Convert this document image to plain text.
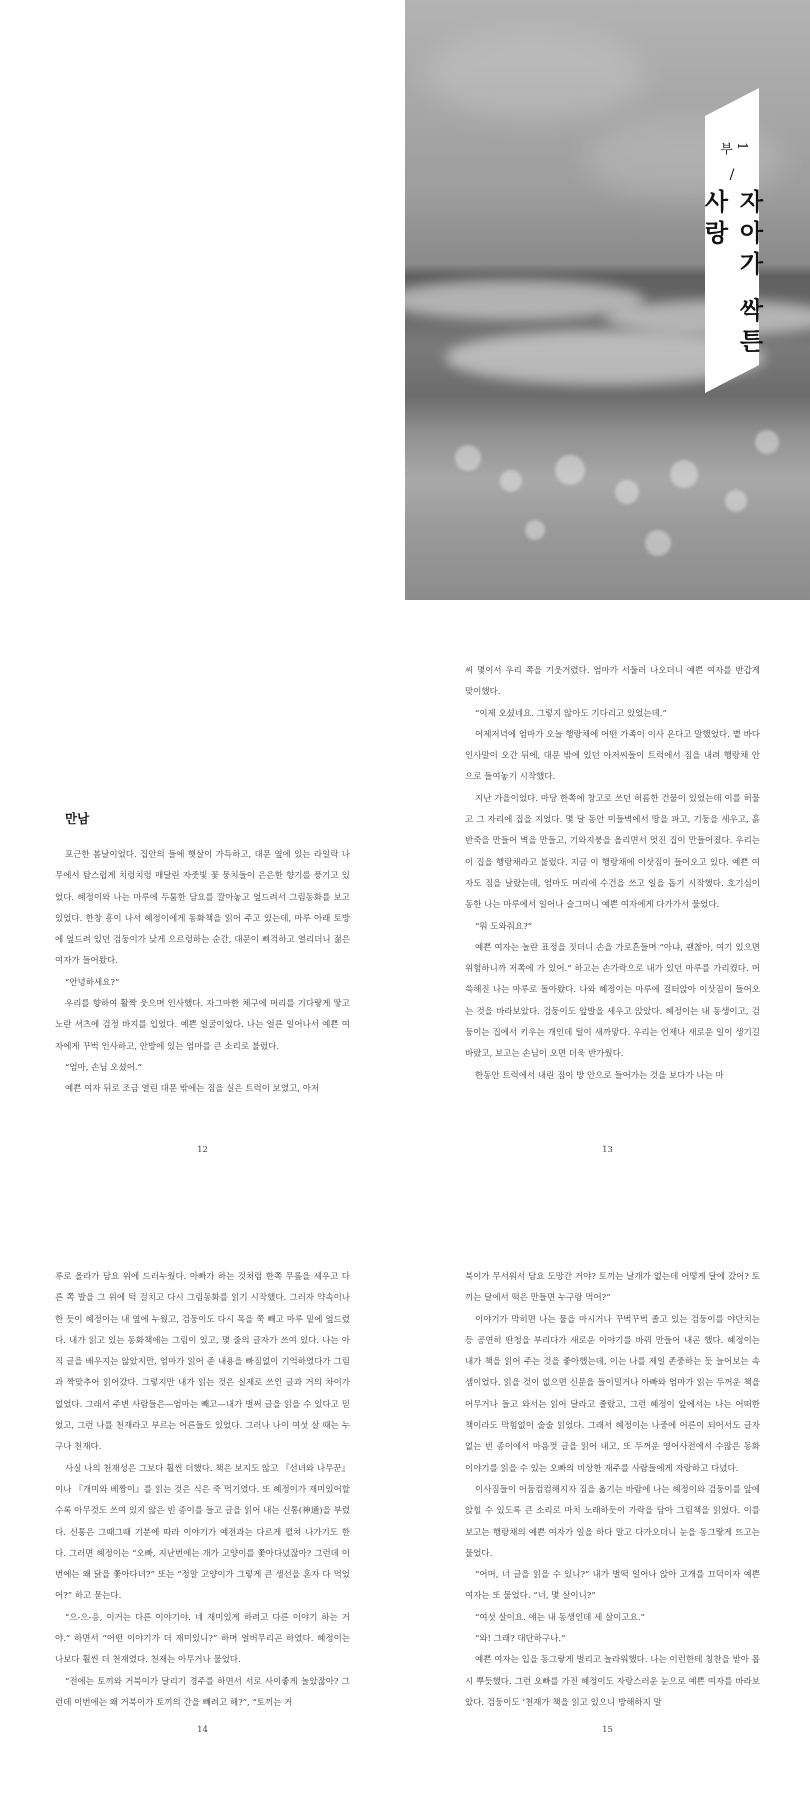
1부
/
자아가 싹튼 사랑
만남

포근한 봄날이었다. 집안의 들에 햇살이 가득하고, 대문 옆에 있는 라일락 나무에서 탐스럽게 치렁치렁 매달린 자줏빛 꽃 뭉치들이 은은한 향기를 풍기고 있었다. 혜정이와 나는 마루에 두툼한 담요를 깔아놓고 엎드려서 그림동화를 보고 있었다. 한창 흥이 나서 혜정이에게 동화책을 읽어 주고 있는데, 마루 아래 토방에 엎드려 있던 검둥이가 낮게 으르렁하는 순간, 대문이 삐걱하고 열리더니 젊은 여자가 들어왔다.

“안녕하세요?”

우리를 향하여 활짝 웃으며 인사했다. 자그마한 체구에 머리를 기다랗게 땋고 노란 셔츠에 검정 바지를 입었다. 예쁜 얼굴이었다. 나는 얼른 일어나서 예쁜 여자에게 꾸벅 인사하고, 안방에 있는 엄마를 큰 소리로 불렀다.

“엄마, 손님 오셨어.”

예쁜 여자 뒤로 조금 열린 대문 밖에는 짐을 실은 트럭이 보였고, 아저

12

씨 몇이서 우리 쪽을 기웃거렸다. 엄마가 서둘러 나오더니 예쁜 여자를 반갑게 맞이했다.

“이제 오셨네요. 그렇지 않아도 기다리고 있었는데.”

어제저녁에 엄마가 오늘 행랑채에 어떤 가족이 이사 온다고 말했었다. 볕 바다 인사말이 오간 뒤에, 대문 밖에 있던 아저씨들이 트럭에서 짐을 내려 행랑채 안으로 들여놓기 시작했다.

지난 가을이었다. 마당 한쪽에 창고로 쓰던 허름한 건물이 있었는데 이를 허물고 그 자리에 집을 지었다. 몇 달 동안 미들벽에서 땅을 파고, 기둥을 세우고, 흙 반죽을 만들어 벽을 만들고, 기와지붕을 올리면서 멋진 집이 만들어졌다. 우리는 이 집을 행랑채라고 불렀다. 지금 이 행랑채에 이삿짐이 들어오고 있다. 예쁜 여자도 짐을 날랐는데, 엄마도 머리에 수건을 쓰고 일을 돕기 시작했다. 호기심이 동한 나는 마루에서 일어나 슬그머니 예쁜 여자에게 다가가서 물었다.

“뭐 도와줘요?”

예쁜 여자는 놀란 표정을 짓더니 손을 가로흔들며 “아냐, 괜찮아, 여기 있으면 위험하니까 저쪽에 가 있어.” 하고는 손가락으로 내가 있던 마루를 가리켰다. 머쓱해진 나는 마루로 돌아왔다. 나와 혜정이는 마루에 걸터앉아 이삿짐이 들어오는 것을 바라보았다. 검둥이도 앞발을 세우고 앉았다. 혜정이는 내 동생이고, 검둥이는 집에서 키우는 개인데 털이 새까맣다. 우리는 언제나 새로운 일이 생기길 바랐고, 보고는 손님이 오면 더욱 반가웠다.

한동안 트럭에서 내린 짐이 방 안으로 들어가는 것을 보다가 나는 마

13

루로 올라가 담요 위에 드러누웠다. 아빠가 하는 것처럼 한쪽 무릎을 세우고 다른 쪽 발을 그 위에 턱 걸치고 다시 그림동화를 읽기 시작했다. 그러자 약속이나 한 듯이 혜정이는 내 옆에 누웠고, 검둥이도 다시 목을 쭉 빼고 마루 밑에 엎드렸다. 내가 읽고 있는 동화책에는 그림이 있고, 몇 줄의 글자가 쓰여 있다. 나는 아직 글을 배우지는 않았지만, 엄마가 읽어 준 내용을 빠짐없이 기억하였다가 그림과 짝맞추어 읽어갔다. 그렇지만 내가 읽는 것은 실제로 쓰인 글과 거의 차이가 없었다. 그래서 주변 사람들은—엄마는 빼고—내가 벌써 글을 읽을 수 있다고 믿었고, 그런 나를 천재라고 부르는 어른들도 있었다. 그러나 나이 여섯 살 때는 누구나 천재다.

사실 나의 천재성은 그보다 훨씬 더했다. 책은 보지도 않고 『선녀와 나무꾼』이나 『개미와 베짱이』를 읽는 것은 식은 죽 먹기였다. 또 혜정이가 재미있어할수록 아무것도 쓰여 있지 않은 빈 종이를 들고 글을 읽어 내는 신통(神通)을 부렸다. 신통은 그때그때 기분에 따라 이야기가 예전과는 다르게 펼쳐 나가기도 한다. 그러면 혜정이는 “오빠, 지난번에는 개가 고양이를 쫓아다녔잖아? 그런데 이번에는 왜 닭을 쫓아다녀?” 또는 “정말 고양이가 그렇게 큰 생선을 혼자 다 먹었어?” 하고 묻는다.

“으-으-응, 이거는 다른 이야기야. 네 재미있게 하려고 다른 이야기 하는 거야.” 하면서 “어떤 이야기가 더 재미있니?” 하며 얼버무리곤 하였다. 혜정이는 나보다 훨씬 더 천재였다. 천재는 아무거나 물었다.

“전에는 토끼와 거북이가 달리기 경주를 하면서 서로 사이좋게 놀았잖아? 그런데 이번에는 왜 거북이가 토끼의 간을 빼려고 해?”, “토끼는 거

14

북이가 무서워서 담요 도망간 거야? 토끼는 날개가 없는데 어떻게 달에 갔어? 토끼는 달에서 떡은 만들면 누구랑 먹어?”

이야기가 막히면 나는 물을 마시거나 꾸벅꾸벅 졸고 있는 검둥이를 야단치는 등 공연히 딴청을 부리다가 새로운 이야기를 바꿔 만들어 내곤 했다. 혜정이는 내가 책을 읽어 주는 것을 좋아했는데, 이는 나를 제일 존중하는 듯 늘어보는 속셈이었다. 읽을 것이 없으면 신문을 들이밀거나 아빠와 엄마가 읽는 두꺼운 책을 어무거나 들고 와서는 읽어 달라고 졸랐고, 그런 혜정이 앞에서는 나는 어떠한 책이라도 막힘없이 술술 읽었다. 그래서 혜정이는 나중에 어른이 되어서도 글자 없는 빈 종이에서 마음껏 글을 읽어 내고, 또 두꺼운 영어사전에서 수많은 동화 이야기를 읽을 수 있는 오빠의 비상한 재주를 사람들에게 자랑하고 다녔다.

이사짐들이 어둠컴컴해지자 짐을 옮기는 바람에 나는 혜정이와 검둥이를 앞에 앉힐 수 있도록 큰 소리로 마치 노래하듯이 가락을 담아 그림책을 읽었다. 이를 보고는 행랑채의 예쁜 여자가 일을 하다 말고 다가오더니 눈을 동그랗게 뜨고는 물었다.

“어머, 너 글을 읽을 수 있니?” 내가 벌떡 일어나 앉아 고개를 끄덕이자 예쁜 여자는 또 물었다. “너, 몇 살이니?”

“여섯 살이요. 얘는 내 동생인데 세 살이고요.”

“와! 그래? 대단하구나.”

예쁜 여자는 입을 동그랗게 벌리고 놀라워했다. 나는 이런한테 칭찬을 받아 몹시 뿌듯했다. 그런 오빠를 가진 혜정이도 자랑스러운 눈으로 예쁜 여자를 바라보았다. 검둥이도 ‘천재가 책을 읽고 있으니 방해하지 말

15
